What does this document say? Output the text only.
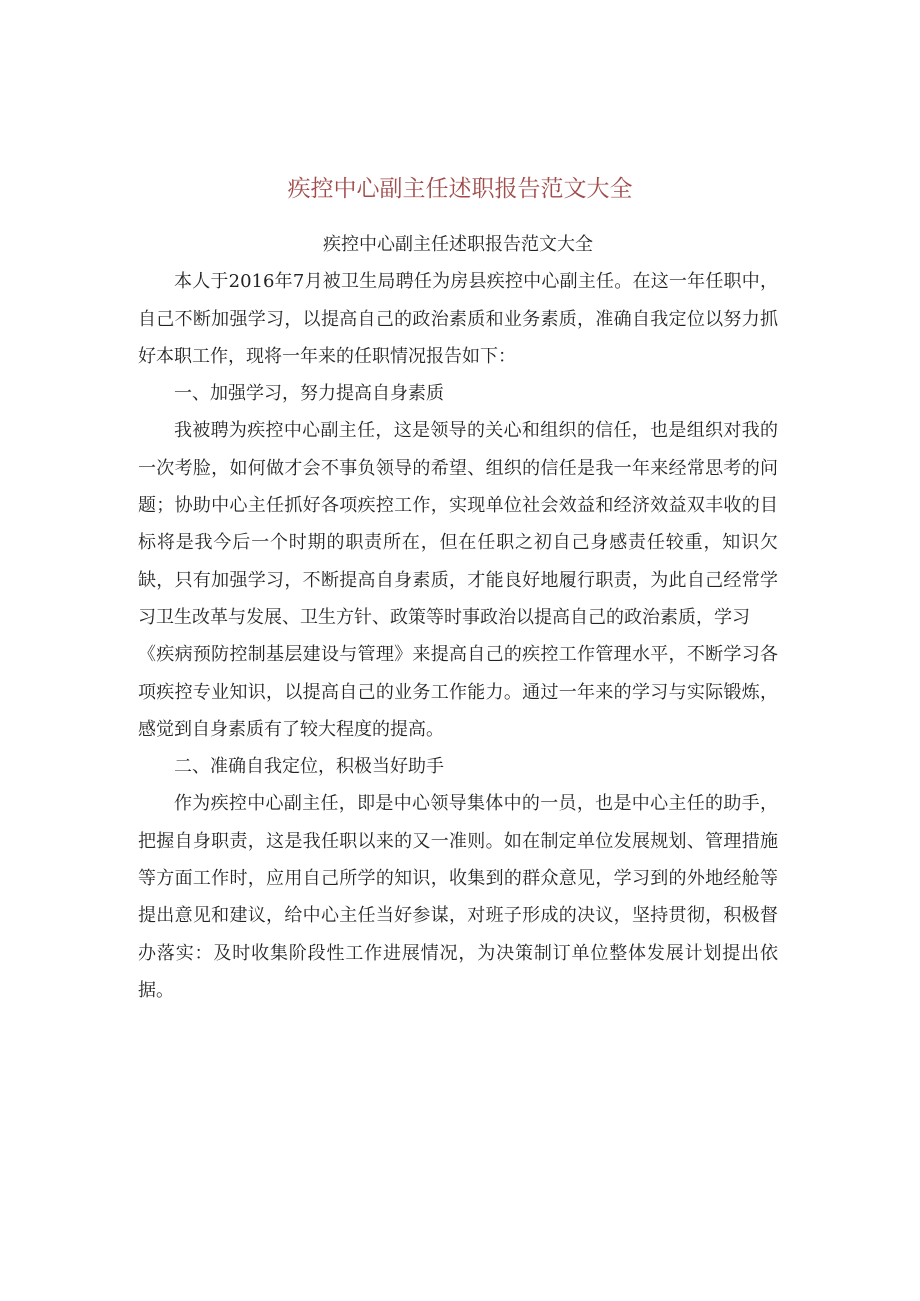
疾控中心副主任述职报告范文大全

疾控中心副主任述职报告范文大全

本人于2016年7月被卫生局聘任为房县疾控中心副主任。在这一年任职中，自己不断加强学习，以提高自己的政治素质和业务素质，准确自我定位以努力抓好本职工作，现将一年来的任职情况报告如下：

一、加强学习，努力提高自身素质

我被聘为疾控中心副主任，这是领导的关心和组织的信任，也是组织对我的一次考脸，如何做才会不事负领导的希望、组织的信任是我一年来经常思考的问题；协助中心主任抓好各项疾控工作，实现单位社会效益和经济效益双丰收的目标将是我今后一个时期的职责所在，但在任职之初自己身感责任较重，知识欠缺，只有加强学习，不断提高自身素质，才能良好地履行职责，为此自己经常学习卫生改革与发展、卫生方针、政策等时事政治以提高自己的政治素质，学习

《疾病预防控制基层建设与管理》来提高自己的疾控工作管理水平，不断学习各项疾控专业知识，以提高自己的业务工作能力。通过一年来的学习与实际锻炼，感觉到自身素质有了较大程度的提高。

二、准确自我定位，积极当好助手

作为疾控中心副主任，即是中心领导集体中的一员，也是中心主任的助手，把握自身职责，这是我任职以来的又一准则。如在制定单位发展规划、管理措施等方面工作时，应用自己所学的知识，收集到的群众意见，学习到的外地经舱等提出意见和建议，给中心主任当好参谋，对班子形成的决议，坚持贯彻，积极督办落实：及时收集阶段性工作进展情况，为决策制订单位整体发展计划提出依据。
